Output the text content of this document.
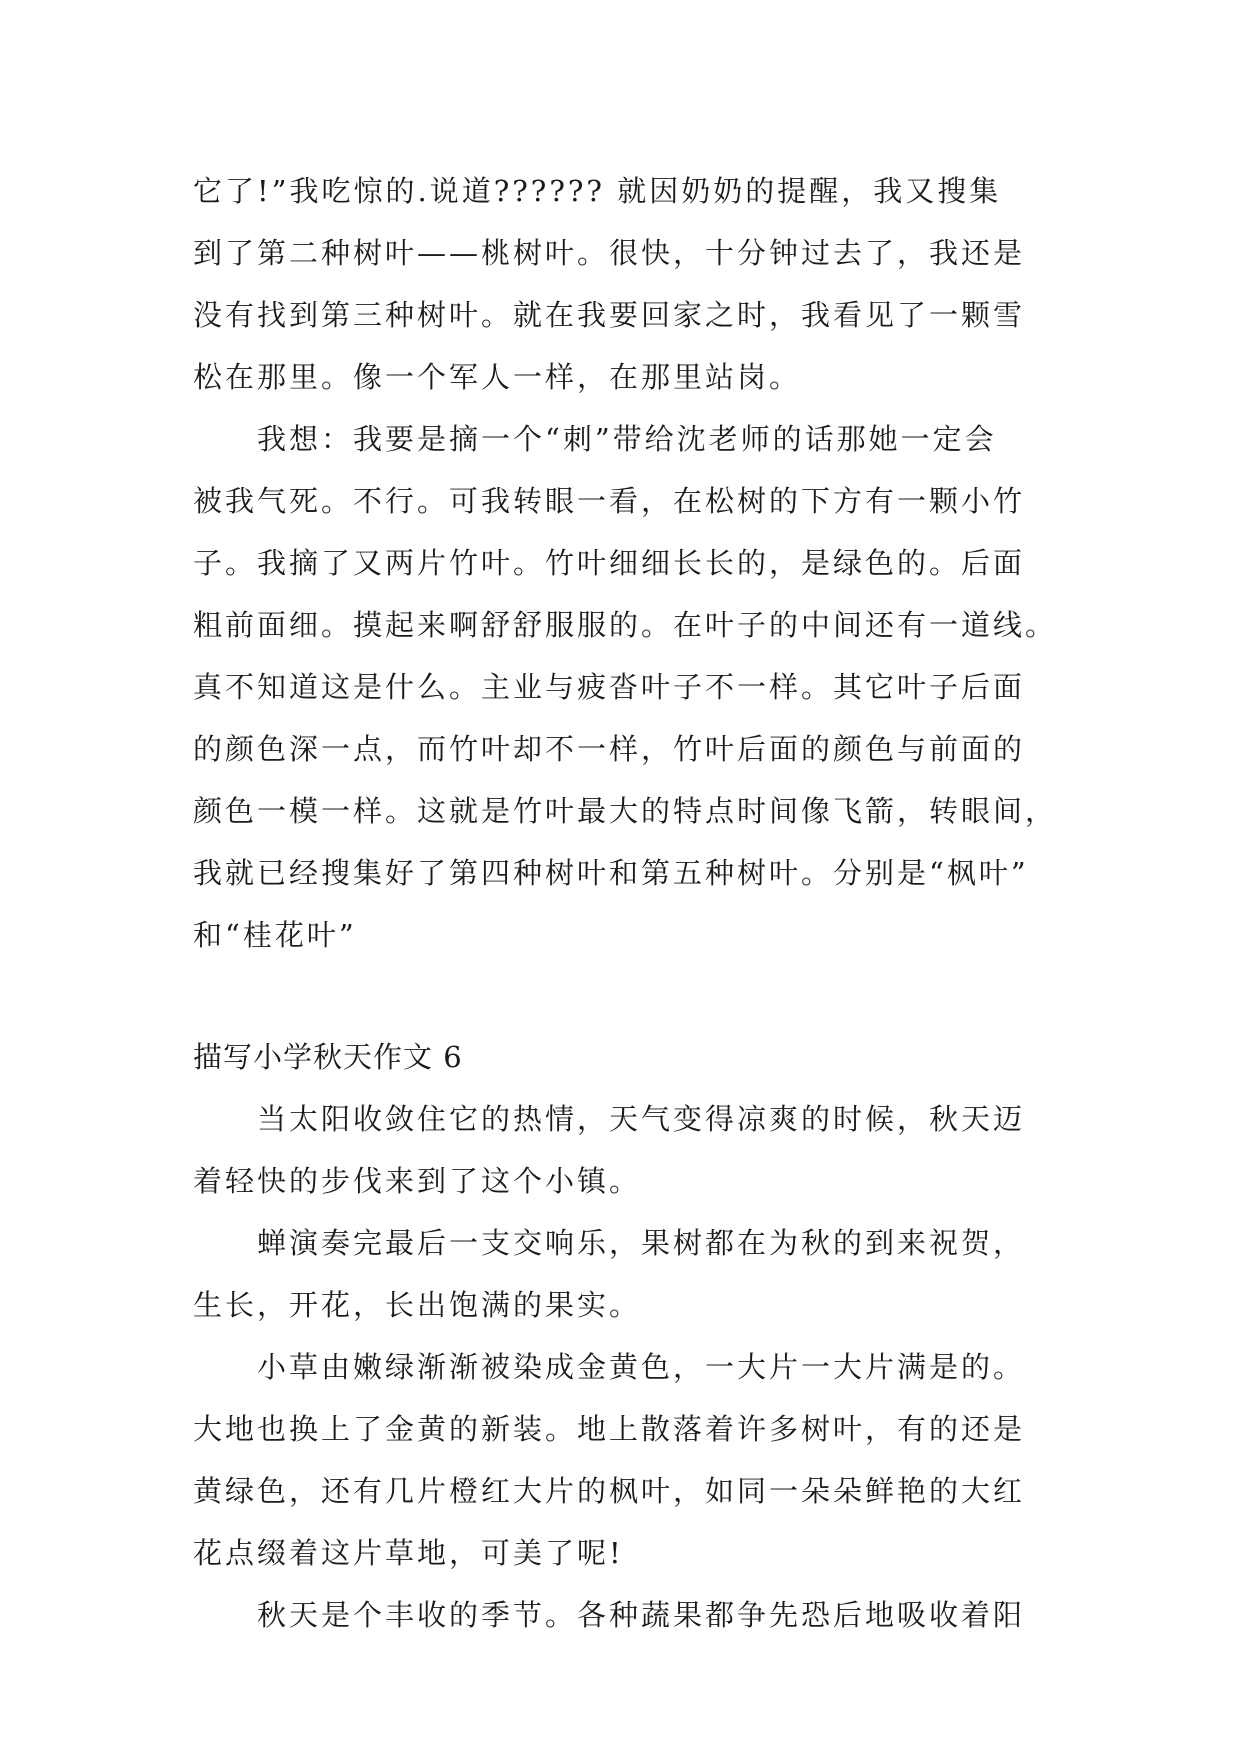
它了!”我吃惊的.说道?????? 就因奶奶的提醒，我又搜集
到了第二种树叶——桃树叶。很快，十分钟过去了，我还是
没有找到第三种树叶。就在我要回家之时，我看见了一颗雪
松在那里。像一个军人一样，在那里站岗。
我想：我要是摘一个“刺”带给沈老师的话那她一定会
被我气死。不行。可我转眼一看，在松树的下方有一颗小竹
子。我摘了又两片竹叶。竹叶细细长长的，是绿色的。后面
粗前面细。摸起来啊舒舒服服的。在叶子的中间还有一道线。
真不知道这是什么。主业与疲沓叶子不一样。其它叶子后面
的颜色深一点，而竹叶却不一样，竹叶后面的颜色与前面的
颜色一模一样。这就是竹叶最大的特点时间像飞箭，转眼间，
我就已经搜集好了第四种树叶和第五种树叶。分别是“枫叶”
和“桂花叶”
描写小学秋天作文 6
当太阳收敛住它的热情，天气变得凉爽的时候，秋天迈
着轻快的步伐来到了这个小镇。
蝉演奏完最后一支交响乐，果树都在为秋的到来祝贺，
生长，开花，长出饱满的果实。
小草由嫩绿渐渐被染成金黄色，一大片一大片满是的。
大地也换上了金黄的新装。地上散落着许多树叶，有的还是
黄绿色，还有几片橙红大片的枫叶，如同一朵朵鲜艳的大红
花点缀着这片草地，可美了呢!
秋天是个丰收的季节。各种蔬果都争先恐后地吸收着阳
